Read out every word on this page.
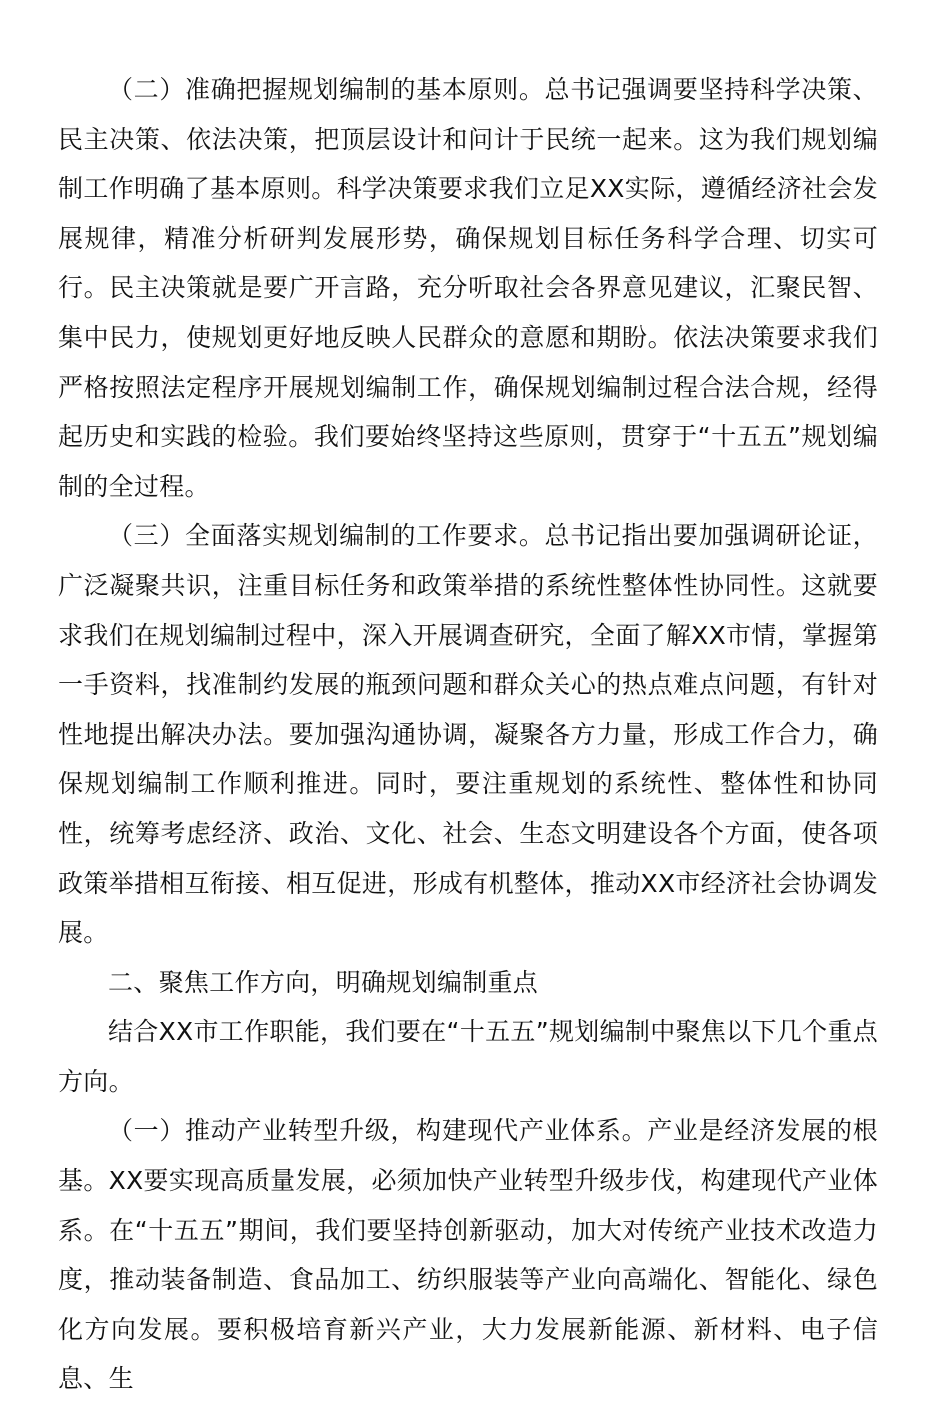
（二）准确把握规划编制的基本原则。总书记强调要坚持科学决策、民主决策、依法决策，把顶层设计和问计于民统一起来。这为我们规划编制工作明确了基本原则。科学决策要求我们立足XX实际，遵循经济社会发展规律，精准分析研判发展形势，确保规划目标任务科学合理、切实可行。民主决策就是要广开言路，充分听取社会各界意见建议，汇聚民智、集中民力，使规划更好地反映人民群众的意愿和期盼。依法决策要求我们严格按照法定程序开展规划编制工作，确保规划编制过程合法合规，经得起历史和实践的检验。我们要始终坚持这些原则，贯穿于“十五五”规划编制的全过程。

（三）全面落实规划编制的工作要求。总书记指出要加强调研论证，广泛凝聚共识，注重目标任务和政策举措的系统性整体性协同性。这就要求我们在规划编制过程中，深入开展调查研究，全面了解XX市情，掌握第一手资料，找准制约发展的瓶颈问题和群众关心的热点难点问题，有针对性地提出解决办法。要加强沟通协调，凝聚各方力量，形成工作合力，确保规划编制工作顺利推进。同时，要注重规划的系统性、整体性和协同性，统筹考虑经济、政治、文化、社会、生态文明建设各个方面，使各项政策举措相互衔接、相互促进，形成有机整体，推动XX市经济社会协调发展。

二、聚焦工作方向，明确规划编制重点

结合XX市工作职能，我们要在“十五五”规划编制中聚焦以下几个重点方向。

（一）推动产业转型升级，构建现代产业体系。产业是经济发展的根基。XX要实现高质量发展，必须加快产业转型升级步伐，构建现代产业体系。在“十五五”期间，我们要坚持创新驱动，加大对传统产业技术改造力度，推动装备制造、食品加工、纺织服装等产业向高端化、智能化、绿色化方向发展。要积极培育新兴产业，大力发展新能源、新材料、电子信息、生
